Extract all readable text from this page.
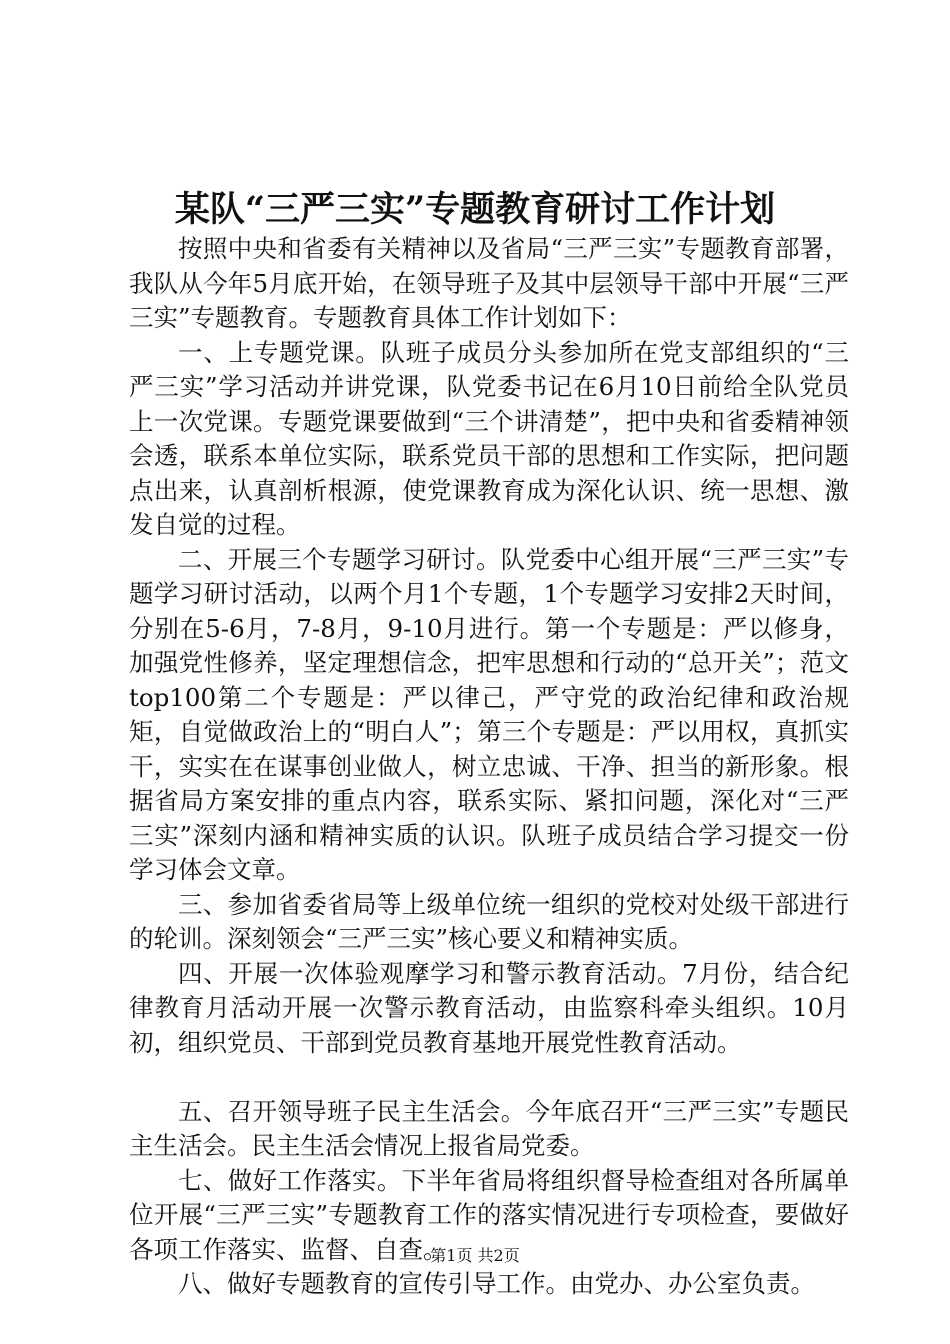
某队“三严三实”专题教育研讨工作计划

按照中央和省委有关精神以及省局“三严三实”专题教育部署，我队从今年5月底开始，在领导班子及其中层领导干部中开展“三严三实”专题教育。专题教育具体工作计划如下：

一、上专题党课。队班子成员分头参加所在党支部组织的“三严三实”学习活动并讲党课，队党委书记在6月10日前给全队党员上一次党课。专题党课要做到“三个讲清楚”，把中央和省委精神领会透，联系本单位实际，联系党员干部的思想和工作实际，把问题点出来，认真剖析根源，使党课教育成为深化认识、统一思想、激发自觉的过程。

二、开展三个专题学习研讨。队党委中心组开展“三严三实”专题学习研讨活动，以两个月1个专题，1个专题学习安排2天时间，分别在5-6月，7-8月，9-10月进行。第一个专题是：严以修身，加强党性修养，坚定理想信念，把牢思想和行动的“总开关”；范文top100第二个专题是：严以律己，严守党的政治纪律和政治规矩，自觉做政治上的“明白人”；第三个专题是：严以用权，真抓实干，实实在在谋事创业做人，树立忠诚、干净、担当的新形象。根据省局方案安排的重点内容，联系实际、紧扣问题，深化对“三严三实”深刻内涵和精神实质的认识。队班子成员结合学习提交一份学习体会文章。

三、参加省委省局等上级单位统一组织的党校对处级干部进行的轮训。深刻领会“三严三实”核心要义和精神实质。

四、开展一次体验观摩学习和警示教育活动。7月份，结合纪律教育月活动开展一次警示教育活动，由监察科牵头组织。10月初，组织党员、干部到党员教育基地开展党性教育活动。

五、召开领导班子民主生活会。今年底召开“三严三实”专题民主生活会。民主生活会情况上报省局党委。

七、做好工作落实。下半年省局将组织督导检查组对各所属单位开展“三严三实”专题教育工作的落实情况进行专项检查，要做好各项工作落实、监督、自查。

八、做好专题教育的宣传引导工作。由党办、办公室负责。

第1页 共2页
